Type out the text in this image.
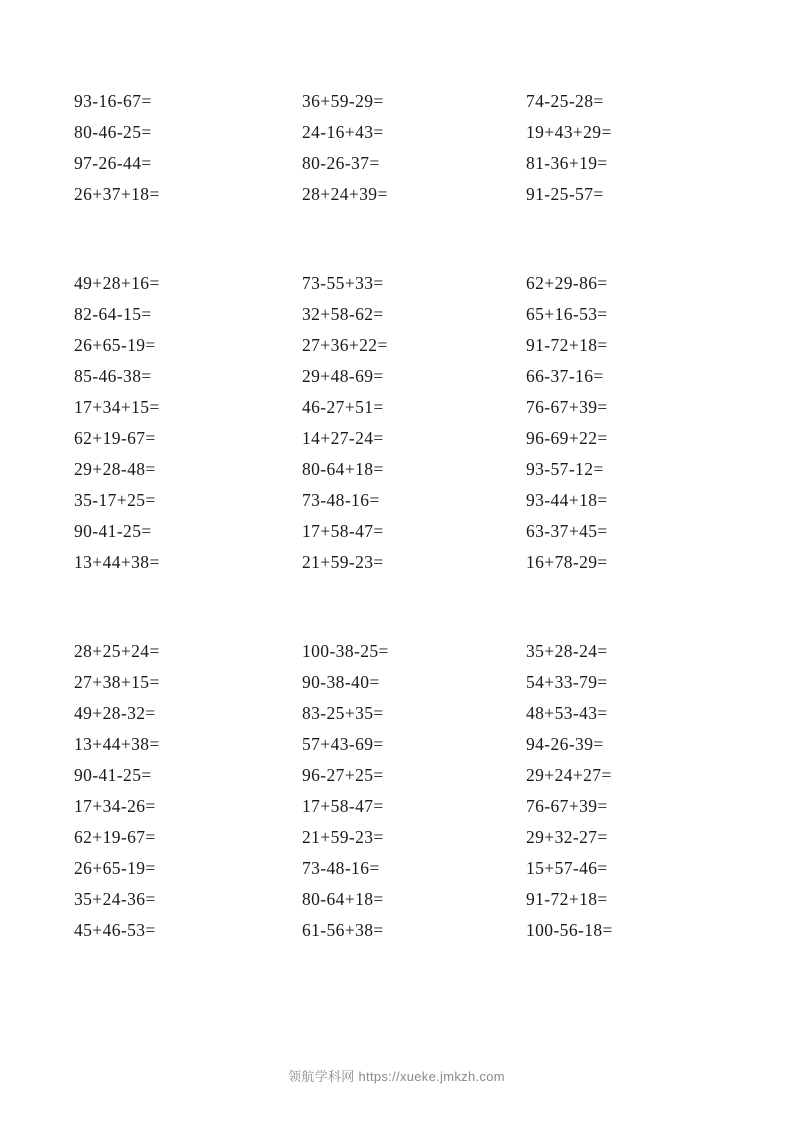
93-16-67=
80-46-25=
97-26-44=
26+37+18=
36+59-29=
24-16+43=
80-26-37=
28+24+39=
74-25-28=
19+43+29=
81-36+19=
91-25-57=
49+28+16=
82-64-15=
26+65-19=
85-46-38=
17+34+15=
62+19-67=
29+28-48=
35-17+25=
90-41-25=
13+44+38=
73-55+33=
32+58-62=
27+36+22=
29+48-69=
46-27+51=
14+27-24=
80-64+18=
73-48-16=
17+58-47=
21+59-23=
62+29-86=
65+16-53=
91-72+18=
66-37-16=
76-67+39=
96-69+22=
93-57-12=
93-44+18=
63-37+45=
16+78-29=
28+25+24=
27+38+15=
49+28-32=
13+44+38=
90-41-25=
17+34-26=
62+19-67=
26+65-19=
35+24-36=
45+46-53=
100-38-25=
90-38-40=
83-25+35=
57+43-69=
96-27+25=
17+58-47=
21+59-23=
73-48-16=
80-64+18=
61-56+38=
35+28-24=
54+33-79=
48+53-43=
94-26-39=
29+24+27=
76-67+39=
29+32-27=
15+57-46=
91-72+18=
100-56-18=
领航学科网 https://xueke.jmkzh.com
